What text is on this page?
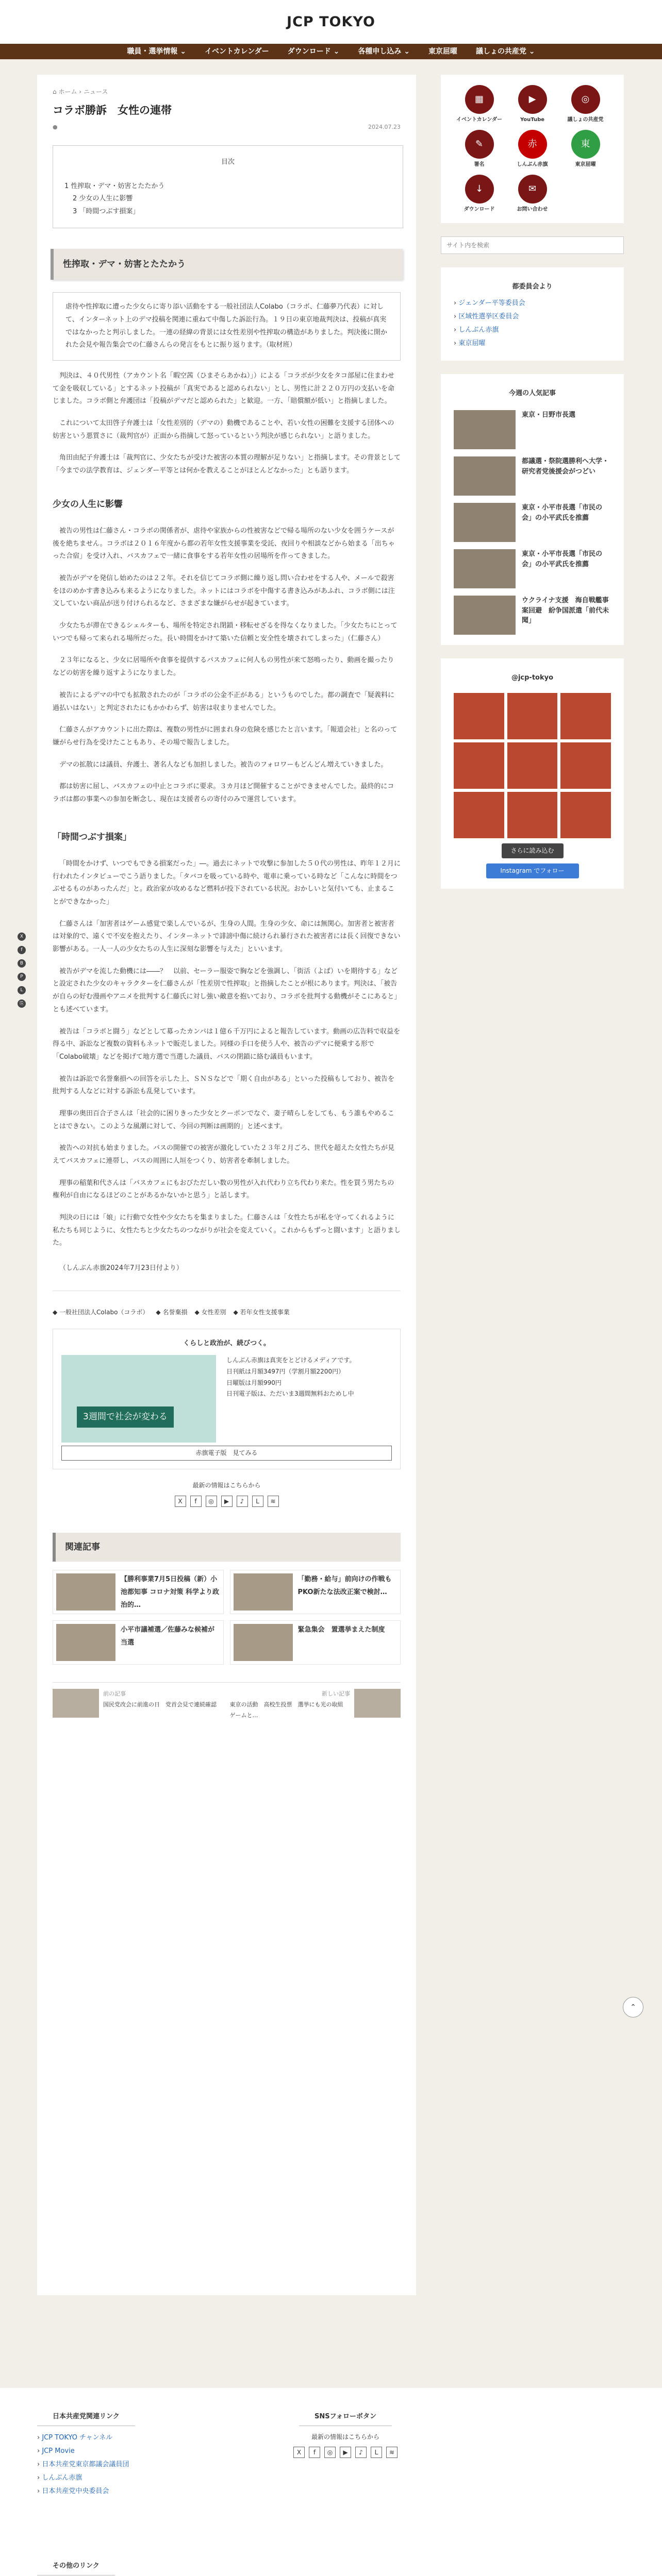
JCP TOKYO
職員・選挙情報 ⌄	イベントカレンダー	ダウンロード ⌄	各種申し込み ⌄	東京屈曜	議しょの共産党 ⌄
X
f
B
P
L
⎘
⌂ ホーム › ニュース
コラボ勝訴　女性の連帯
●	2024.07.23
目次
1 性搾取・デマ・妨害とたたかう
2 少女の人生に影響
3 「時間つぶす損案」
性搾取・デマ・妨害とたたかう
虐待や性搾取に遭った少女らに寄り添い活動をする一般社団法人Colabo（コラボ、仁藤夢乃代表）に対して、インターネット上のデマ投稿を関連に重ねて中傷した訴訟行為。１９日の東京地裁判決は、投稿が真実ではなかったと判示しました。一連の経緯の背景には女性差別や性搾取の構造がありました。判決後に開かれた会見や報告集会での仁藤さんらの発言をもとに振り返ります。（取材班）

判決は、４０代男性（アカウント名「暇空茜（ひまそらあかね）」）による「コラボが少女をタコ部屋に住まわせて金を吸収している」とするネット投稿が「真実であると認められない」とし、男性に計２２０万円の支払いを命じました。コラボ側と弁護団は「投稿がデマだと認められた」と歓迎。一方、「賠償額が低い」と指摘しました。

これについて太田啓子弁護士は「女性差別的（デマの）動機であることや、若い女性の困難を支援する団体への妨害という悪質さに（裁判官が）正面から指摘して怒っているという判決が感じられない」と語りました。

角田由紀子弁護士は「裁判官に、少女たちが受けた被害の本質の理解が足りない」と指摘します。その背景として「今までの法学教育は、ジェンダー平等とは何かを教えることがほとんどなかった」とも語ります。

少女の人生に影響

被告の男性は仁藤さん・コラボの関係者が、虐待や家族からの性被害などで帰る場所のない少女を囲うケースが後を絶ちません。コラボは２０１６年度から都の若年女性支援事業を受託、夜回りや相談などから始まる「出ちゃった合宿」を受け入れ、バスカフェで一緒に食事をする若年女性の居場所を作ってきました。

被告がデマを発信し始めたのは２２年。それを信じてコラボ側に繰り返し問い合わせをする人や、メールで殺害をほのめかす書き込みも来るようになりました。ネットにはコラボを中傷する書き込みがあふれ、コラボ側には注文していない商品が送り付けられるなど、さまざまな嫌がらせが起きています。

少女たちが滞在できるシェルターも、場所を特定され閉鎖・移転せざるを得なくなりました。「少女たちにとっていつでも帰って来られる場所だった。長い時間をかけて築いた信頼と安全性を壊されてしまった」（仁藤さん）

２３年になると、少女に居場所や食事を提供するバスカフェに何人もの男性が来て怒鳴ったり、動画を撮ったりなどの妨害を繰り返すようになりました。

被告によるデマの中でも拡散されたのが「コラボの公金不正がある」というものでした。都の調査で「疑義料に過払いはない」と判定されたにもかかわらず、妨害は収まりませんでした。

仁藤さんがアカウントに出た際は、複数の男性がに囲まれ身の危険を感じたと言います。「報道会社」と名のって嫌がらせ行為を受けたこともあり、その場で報告しました。

デマの拡散には議員、弁護士、著名人なども加担しました。被告のフォロワーもどんどん増えていきました。

都は妨害に屈し、バスカフェの中止とコラボに要求。３カ月ほど開催することができませんでした。最終的にコラボは都の事業への参加を断念し、現在は支援者らの寄付のみで運営しています。

「時間つぶす損案」

「時間をかけず、いつでもできる損案だった」―。過去にネットで攻撃に参加した５０代の男性は、昨年１２月に行われたインタビューでこう語りました。「タバコを吸っている時や、電車に乗っている時など「こんなに時間をつぶせるものがあったんだ」と。政治家が攻めるなど燃料が投下されている状況。おかしいと気付いても、止まることができなかった」

仁藤さんは「加害者はゲーム感覚で楽しんでいるが、生身の人間。生身の少女、命には無関心。加害者と被害者は対象的で、遠くで不安を抱えたり、インターネットで誹謗中傷に続けられ暴行された被害者には長く回復できない影響がある。一人一人の少女たちの人生に深刻な影響を与えた」といいます。

被告がデマを流した動機には――？　以前、セーラー服姿で胸などを強調し、「街活（よば）いを期待する」などと設定された少女のキャラクターを仁藤さんが「性差別で性搾取」と指摘したことが根にあります。判決は、「被告が自らの好む漫画やアニメを批判する仁藤氏に対し強い敵意を抱いており、コラボを批判する動機がそこにあると」とも述べています。

被告は「コラボと闘う」などとして募ったカンパは１億６千万円によると報告しています。動画の広告料で収益を得る中、訴訟など複数の資料もネットで販売しました。同様の手口を使う人や、被告のデマに便乗する形で「Colabo破壊」などを掲げて地方選で当選した議員、バスの閉鎖に絡む議員もいます。

被告は訴訟で名誉棄損への回答を示した上、ＳＮＳなどで「期く自由がある」といった投稿もしており、被告を批判する人などに対する訴訟も乱発しています。

理事の奥田百合子さんは「社会的に困りきった少女とクーポンでなぐ、妻子晴らしをしても、もう誰もやめることはできない。このような風潮に対して、今回の判断は画期的」と述べます。

被告への対抗も始まりました。バスの開催での被害が激化していた２３年２月ごろ、世代を超えた女性たちが見えてバスカフェに連帯し、バスの周囲に人垣をつくり、妨害者を牽制しました。

理事の稲葉和代さんは「バスカフェにもおびただしい数の男性が入れ代わり立ち代わり来た。性を買う男たちの権利が自由になるほどのことがあるかないかと思う」と話します。

判決の日には「娘」に行動で女性や少女たちを集まりました。仁藤さんは「女性たちが私を守ってくれるように私たちも同じように、女性たちと少女たちのつながりが社会を変えていく。これからもずっと闘います」と語りました。

（しんぶん赤旗2024年7月23日付より）

◆ 一般社団法人Colabo（コラボ） ◆ 名誉棄損 ◆ 女性差別 ◆ 若年女性支援事業
くらしと政治が、続びつく。
3週間で社会が変わる
しんぶん赤旗は真実をとどけるメディアです。
日刊紙は月額3497円（学割月額2200円）
日曜版は月額990円
日刊電子版は、ただいま3週間無料おためし中
赤旗電子版　見てみる
最新の情報はこちらから
X	f	◎	▶	♪	L	≋
関連記事
【勝利事業7月5日投稿（新）小池都知事 コロナ対策 科学より政治的…
「勤務・給与」前向けの作戦も　PKO新たな法改正案で検討…
小平市議補選／佐藤みな候補が当選
緊急集会　置選挙まえた制度
前の記事
国民党改会に前進の日　党首会見で連続確認
新しい記事
東京の活動　高校生投票　選挙にも光の取組　ゲームと…
▦
イベントカレンダー
▶
YouTube
◎
議しょの共産党
✎
署名
赤
しんぶん赤旗
東
東京屈曜
↓
ダウンロード
✉
お問い合わせ
サイト内を検索
都委員会より
› ジェンダー平等委員会
› 区域性選挙区委員会
› しんぶん赤旗
› 東京屈曜
今週の人気記事
東京・日野市長選
都議選・祭院選勝利へ大学・研究者党後援会がつどい
東京・小平市長選「市民の会」の小平武氏を推薦
東京・小平市長選「市民の会」の小平武氏を推薦
ウクライナ支援　海自戦艦事案回避　紛争国派遣「前代未聞」
@jcp-tokyo
さらに読み込む
Instagram でフォロー
日本共産党関連リンク
› JCP TOKYO チャンネル
› JCP Movie
› 日本共産党東京都議会議員団
› しんぶん赤旗
› 日本共産党中央委員会
SNSフォローボタン
最新の情報はこちらから
X	f	◎	▶	♪	L	≋
その他のリンク
⌃
